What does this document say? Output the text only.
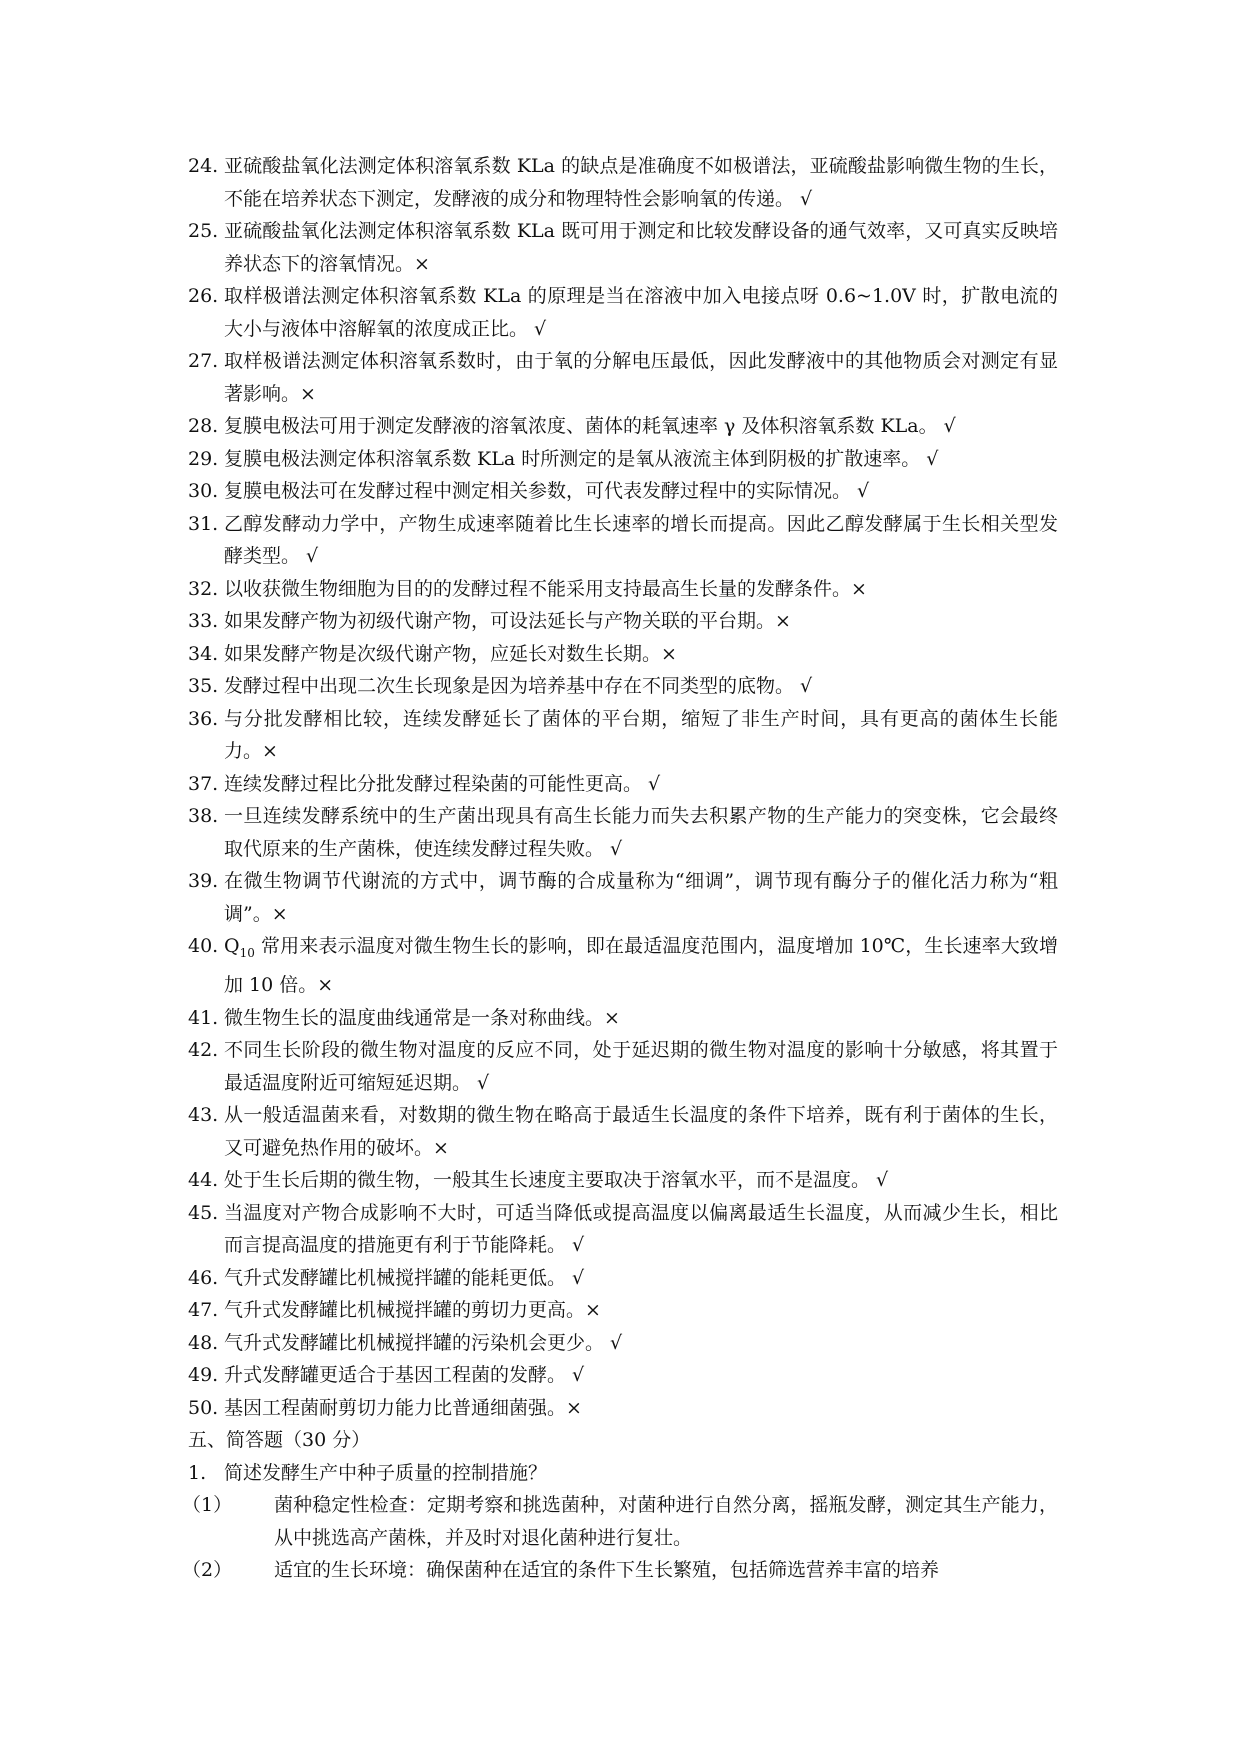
24. 亚硫酸盐氧化法测定体积溶氧系数 KLa 的缺点是准确度不如极谱法，亚硫酸盐影响微生物的生长，不能在培养状态下测定，发酵液的成分和物理特性会影响氧的传递。 √
25. 亚硫酸盐氧化法测定体积溶氧系数 KLa 既可用于测定和比较发酵设备的通气效率，又可真实反映培养状态下的溶氧情况。×
26. 取样极谱法测定体积溶氧系数 KLa 的原理是当在溶液中加入电接点呀 0.6~1.0V 时，扩散电流的大小与液体中溶解氧的浓度成正比。 √
27. 取样极谱法测定体积溶氧系数时，由于氧的分解电压最低，因此发酵液中的其他物质会对测定有显著影响。×
28. 复膜电极法可用于测定发酵液的溶氧浓度、菌体的耗氧速率 γ 及体积溶氧系数 KLa。 √
29. 复膜电极法测定体积溶氧系数 KLa 时所测定的是氧从液流主体到阴极的扩散速率。 √
30. 复膜电极法可在发酵过程中测定相关参数，可代表发酵过程中的实际情况。 √
31. 乙醇发酵动力学中，产物生成速率随着比生长速率的增长而提高。因此乙醇发酵属于生长相关型发酵类型。 √
32. 以收获微生物细胞为目的的发酵过程不能采用支持最高生长量的发酵条件。×
33. 如果发酵产物为初级代谢产物，可设法延长与产物关联的平台期。×
34. 如果发酵产物是次级代谢产物，应延长对数生长期。×
35. 发酵过程中出现二次生长现象是因为培养基中存在不同类型的底物。 √
36. 与分批发酵相比较，连续发酵延长了菌体的平台期，缩短了非生产时间，具有更高的菌体生长能力。×
37. 连续发酵过程比分批发酵过程染菌的可能性更高。 √
38. 一旦连续发酵系统中的生产菌出现具有高生长能力而失去积累产物的生产能力的突变株，它会最终取代原来的生产菌株，使连续发酵过程失败。 √
39. 在微生物调节代谢流的方式中，调节酶的合成量称为“细调”，调节现有酶分子的催化活力称为“粗调”。×
40. $Q_{10}$ 常用来表示温度对微生物生长的影响，即在最适温度范围内，温度增加 10℃，生长速率大致增加 10 倍。×
41. 微生物生长的温度曲线通常是一条对称曲线。×
42. 不同生长阶段的微生物对温度的反应不同，处于延迟期的微生物对温度的影响十分敏感，将其置于最适温度附近可缩短延迟期。 √
43. 从一般适温菌来看，对数期的微生物在略高于最适生长温度的条件下培养，既有利于菌体的生长，又可避免热作用的破坏。×
44. 处于生长后期的微生物，一般其生长速度主要取决于溶氧水平，而不是温度。 √
45. 当温度对产物合成影响不大时，可适当降低或提高温度以偏离最适生长温度，从而减少生长，相比而言提高温度的措施更有利于节能降耗。 √
46. 气升式发酵罐比机械搅拌罐的能耗更低。 √
47. 气升式发酵罐比机械搅拌罐的剪切力更高。×
48. 气升式发酵罐比机械搅拌罐的污染机会更少。 √
49. 升式发酵罐更适合于基因工程菌的发酵。 √
50. 基因工程菌耐剪切力能力比普通细菌强。×
五、简答题（30 分）
1. 简述发酵生产中种子质量的控制措施？
（1）	菌种稳定性检查：定期考察和挑选菌种，对菌种进行自然分离，摇瓶发酵，测定其生产能力，从中挑选高产菌株，并及时对退化菌种进行复壮。
（2）	适宜的生长环境：确保菌种在适宜的条件下生长繁殖，包括筛选营养丰富的培养
